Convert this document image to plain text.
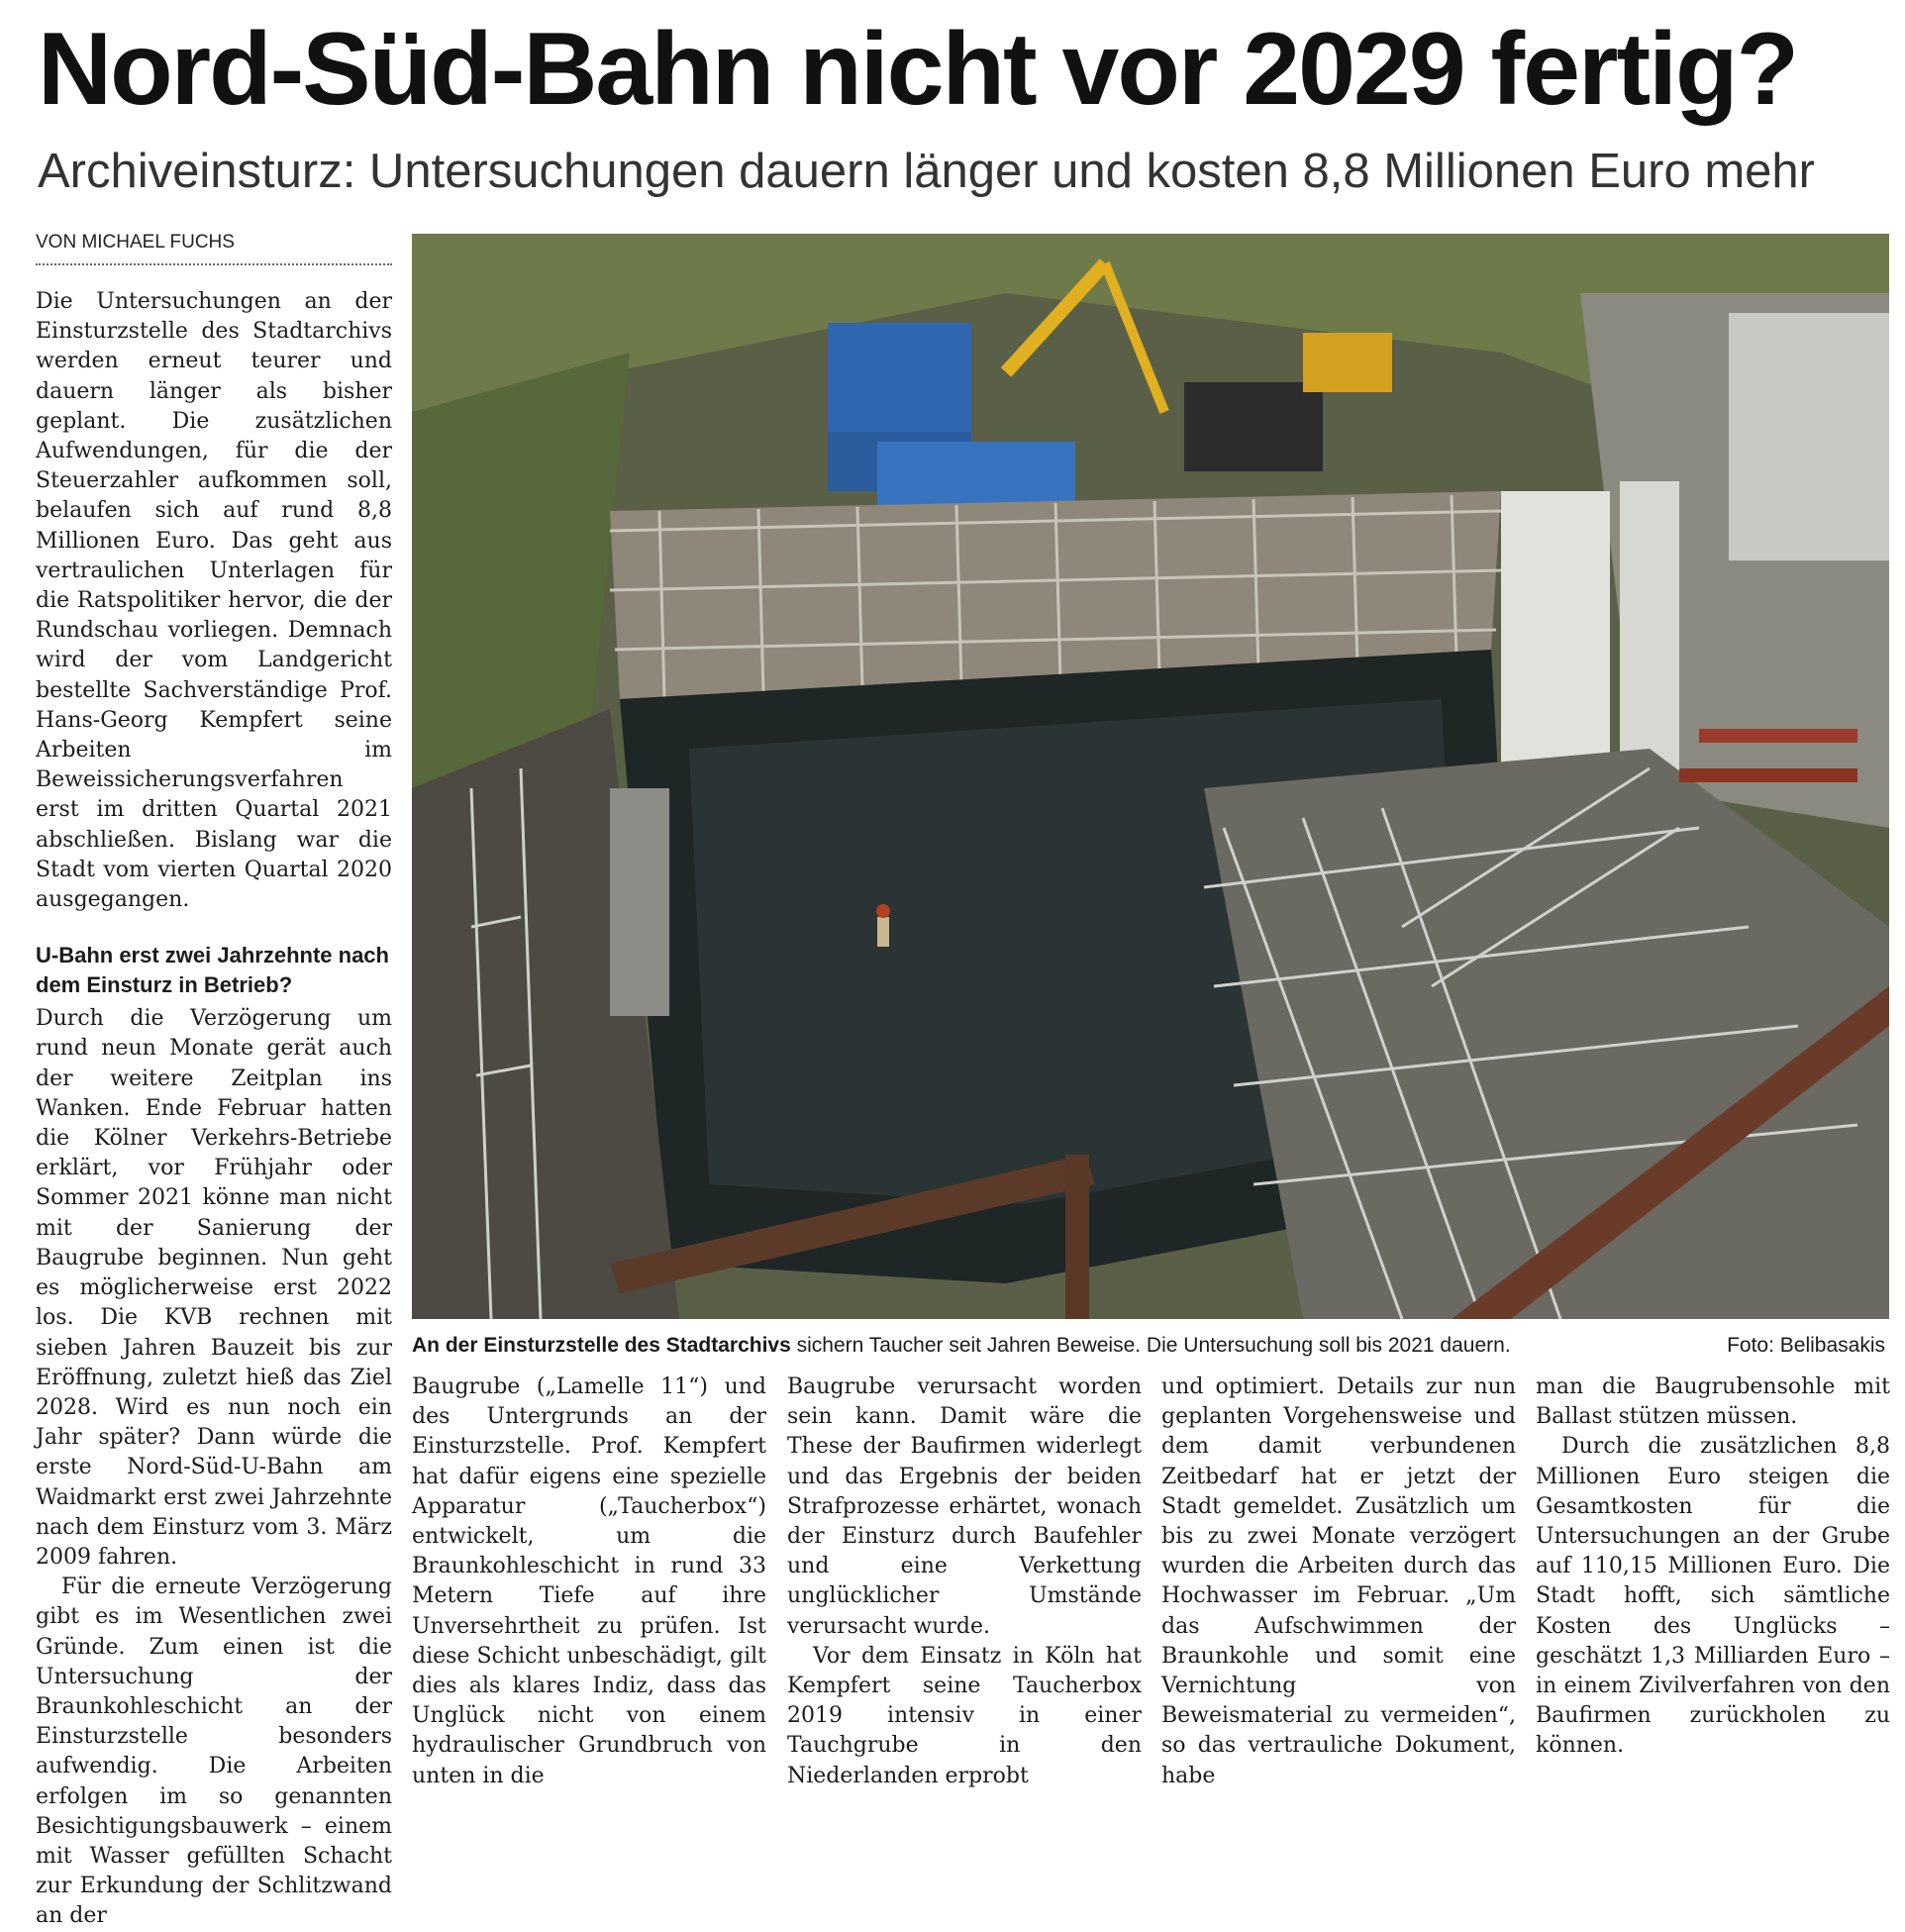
Nord-Süd-Bahn nicht vor 2029 fertig?
Archiveinsturz: Untersuchungen dauern länger und kosten 8,8 Millionen Euro mehr
VON MICHAEL FUCHS

Die Untersuchungen an der Einsturzstelle des Stadtarchivs werden erneut teurer und dauern länger als bisher geplant. Die zusätzlichen Aufwendungen, für die der Steuerzahler aufkommen soll, belaufen sich auf rund 8,8 Millionen Euro. Das geht aus vertraulichen Unterlagen für die Ratspolitiker hervor, die der Rundschau vorliegen. Demnach wird der vom Landgericht bestellte Sachverständige Prof. Hans-Georg Kempfert seine Arbeiten im Beweissicherungsverfahren erst im dritten Quartal 2021 abschließen. Bislang war die Stadt vom vierten Quartal 2020 ausgegangen.

U-Bahn erst zwei Jahrzehnte nach dem Einsturz in Betrieb?

Durch die Verzögerung um rund neun Monate gerät auch der weitere Zeitplan ins Wanken. Ende Februar hatten die Kölner Verkehrs-Betriebe erklärt, vor Frühjahr oder Sommer 2021 könne man nicht mit der Sanierung der Baugrube beginnen. Nun geht es möglicherweise erst 2022 los. Die KVB rechnen mit sieben Jahren Bauzeit bis zur Eröffnung, zuletzt hieß das Ziel 2028. Wird es nun noch ein Jahr später? Dann würde die erste Nord-Süd-U-Bahn am Waidmarkt erst zwei Jahrzehnte nach dem Einsturz vom 3. März 2009 fahren.

Für die erneute Verzögerung gibt es im Wesentlichen zwei Gründe. Zum einen ist die Untersuchung der Braunkohleschicht an der Einsturzstelle besonders aufwendig. Die Arbeiten erfolgen im so genannten Besichtigungsbauwerk – einem mit Wasser gefüllten Schacht zur Erkundung der Schlitzwand an der

An der Einsturzstelle des Stadtarchivs sichern Taucher seit Jahren Beweise. Die Untersuchung soll bis 2021 dauern.	Foto: Belibasakis

Baugrube („Lamelle 11“) und des Untergrunds an der Einsturzstelle. Prof. Kempfert hat dafür eigens eine spezielle Apparatur („Taucherbox“) entwickelt, um die Braunkohleschicht in rund 33 Metern Tiefe auf ihre Unversehrtheit zu prüfen. Ist diese Schicht unbeschädigt, gilt dies als klares Indiz, dass das Unglück nicht von einem hydraulischer Grundbruch von unten in die

Baugrube verursacht worden sein kann. Damit wäre die These der Baufirmen widerlegt und das Ergebnis der beiden Strafprozesse erhärtet, wonach der Einsturz durch Baufehler und eine Verkettung unglücklicher Umstände verursacht wurde.

Vor dem Einsatz in Köln hat Kempfert seine Taucherbox 2019 intensiv in einer Tauchgrube in den Niederlanden erprobt

und optimiert. Details zur nun geplanten Vorgehensweise und dem damit verbundenen Zeitbedarf hat er jetzt der Stadt gemeldet. Zusätzlich um bis zu zwei Monate verzögert wurden die Arbeiten durch das Hochwasser im Februar. „Um das Aufschwimmen der Braunkohle und somit eine Vernichtung von Beweismaterial zu vermeiden“, so das vertrauliche Dokument, habe

man die Baugrubensohle mit Ballast stützen müssen.

Durch die zusätzlichen 8,8 Millionen Euro steigen die Gesamtkosten für die Untersuchungen an der Grube auf 110,15 Millionen Euro. Die Stadt hofft, sich sämtliche Kosten des Unglücks – geschätzt 1,3 Milliarden Euro – in einem Zivilverfahren von den Baufirmen zurückholen zu können.
